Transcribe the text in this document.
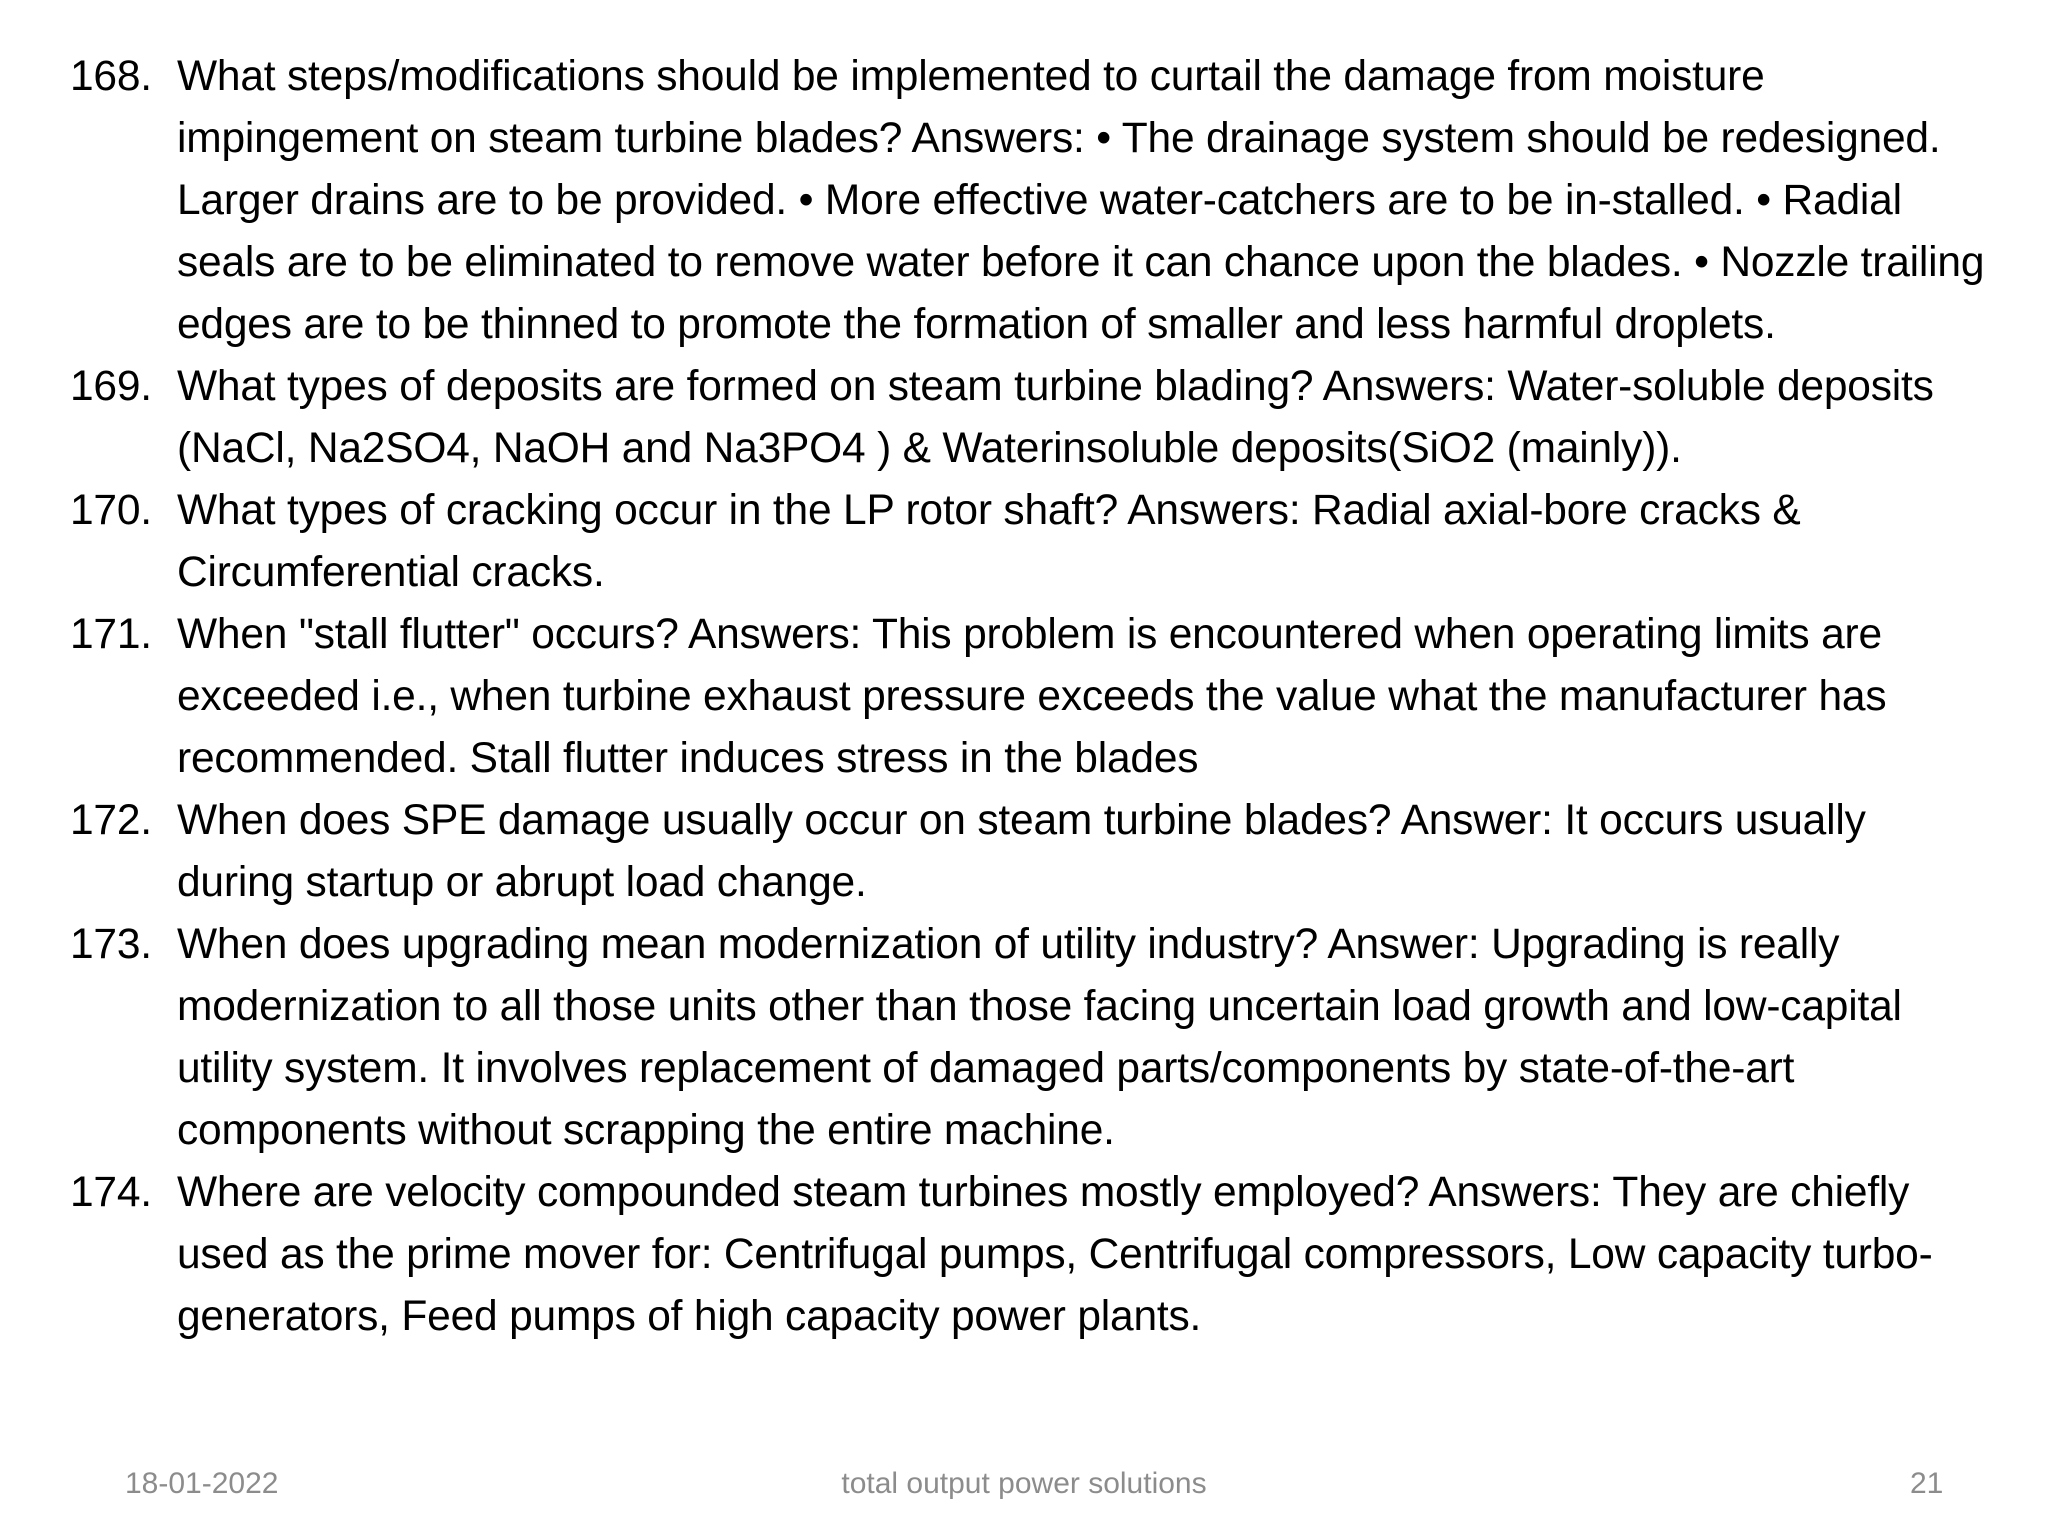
168. What steps/modifications should be implemented to curtail the damage from moisture impingement on steam turbine blades? Answers: • The drainage system should be redesigned. Larger drains are to be provided. • More effective water-catchers are to be in-stalled. • Radial seals are to be eliminated to remove water before it can chance upon the blades. • Nozzle trailing edges are to be thinned to promote the formation of smaller and less harmful droplets.
169. What types of deposits are formed on steam turbine blading? Answers: Water-soluble deposits (NaCl, Na2SO4, NaOH and Na3PO4 ) & Waterinsoluble deposits(SiO2 (mainly)).
170. What types of cracking occur in the LP rotor shaft? Answers: Radial axial-bore cracks & Circumferential cracks.
171. When "stall flutter" occurs? Answers: This problem is encountered when operating limits are exceeded i.e., when turbine exhaust pressure exceeds the value what the manufacturer has recommended. Stall flutter induces stress in the blades
172. When does SPE damage usually occur on steam turbine blades? Answer: It occurs usually during startup or abrupt load change.
173. When does upgrading mean modernization of utility industry? Answer: Upgrading is really modernization to all those units other than those facing uncertain load growth and low-capital utility system. It involves replacement of damaged parts/components by state-of-the-art components without scrapping the entire machine.
174. Where are velocity compounded steam turbines mostly employed? Answers: They are chiefly used as the prime mover for: Centrifugal pumps, Centrifugal compressors, Low capacity turbo-generators, Feed pumps of high capacity power plants.
18-01-2022	total output power solutions	21
